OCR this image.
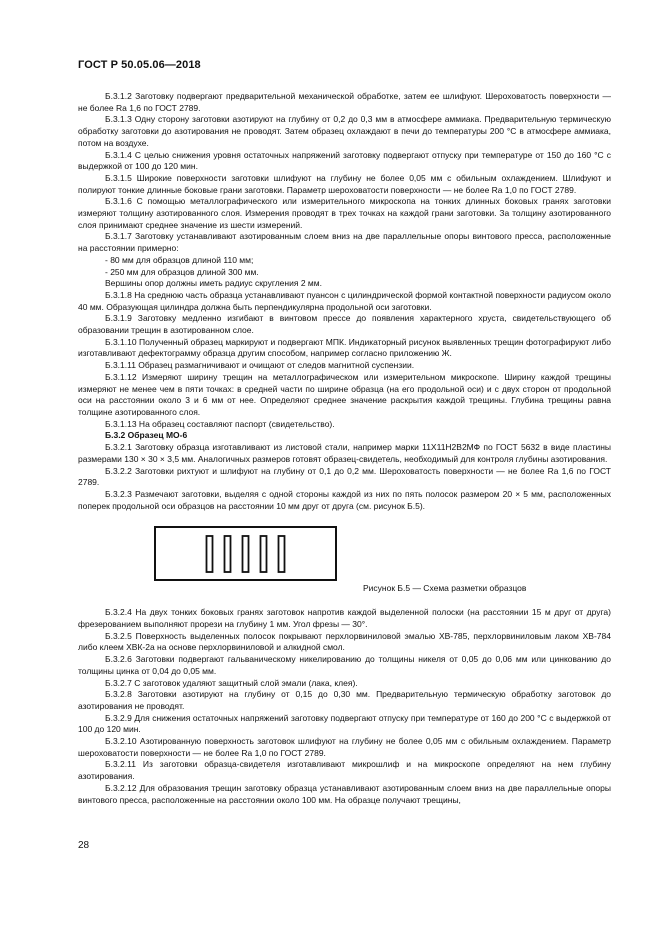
ГОСТ Р 50.05.06—2018

Б.3.1.2 Заготовку подвергают предварительной механической обработке, затем ее шлифуют. Шероховатость поверхности — не более Ra 1,6 по ГОСТ 2789.

Б.3.1.3 Одну сторону заготовки азотируют на глубину от 0,2 до 0,3 мм в атмосфере аммиака. Предварительную термическую обработку заготовки до азотирования не проводят. Затем образец охлаждают в печи до температуры 200 °С в атмосфере аммиака, потом на воздухе.

Б.3.1.4 С целью снижения уровня остаточных напряжений заготовку подвергают отпуску при температуре от 150 до 160 °С с выдержкой от 100 до 120 мин.

Б.3.1.5 Широкие поверхности заготовки шлифуют на глубину не более 0,05 мм с обильным охлаждением. Шлифуют и полируют тонкие длинные боковые грани заготовки. Параметр шероховатости поверхности — не более Ra 1,0 по ГОСТ 2789.

Б.3.1.6 С помощью металлографического или измерительного микроскопа на тонких длинных боковых гранях заготовки измеряют толщину азотированного слоя. Измерения проводят в трех точках на каждой грани заготовки. За толщину азотированного слоя принимают среднее значение из шести измерений.

Б.3.1.7 Заготовку устанавливают азотированным слоем вниз на две параллельные опоры винтового пресса, расположенные на расстоянии примерно:

- 80 мм для образцов длиной 110 мм;

- 250 мм для образцов длиной 300 мм.

Вершины опор должны иметь радиус скругления 2 мм.

Б.3.1.8 На среднюю часть образца устанавливают пуансон с цилиндрической формой контактной поверхности радиусом около 40 мм. Образующая цилиндра должна быть перпендикулярна продольной оси заготовки.

Б.3.1.9 Заготовку медленно изгибают в винтовом прессе до появления характерного хруста, свидетельствующего об образовании трещин в азотированном слое.

Б.3.1.10 Полученный образец маркируют и подвергают МПК. Индикаторный рисунок выявленных трещин фотографируют либо изготавливают дефектограмму образца другим способом, например согласно приложению Ж.

Б.3.1.11 Образец размагничивают и очищают от следов магнитной суспензии.

Б.3.1.12 Измеряют ширину трещин на металлографическом или измерительном микроскопе. Ширину каждой трещины измеряют не менее чем в пяти точках: в средней части по ширине образца (на его продольной оси) и с двух сторон от продольной оси на расстоянии около 3 и 6 мм от нее. Определяют среднее значение раскрытия каждой трещины. Глубина трещины равна толщине азотированного слоя.

Б.3.1.13 На образец составляют паспорт (свидетельство).

Б.3.2 Образец МО-6

Б.3.2.1 Заготовку образца изготавливают из листовой стали, например марки 11Х11Н2В2МФ по ГОСТ 5632 в виде пластины размерами 130 × 30 × 3,5 мм. Аналогичных размеров готовят образец-свидетель, необходимый для контроля глубины азотирования.

Б.3.2.2 Заготовки рихтуют и шлифуют на глубину от 0,1 до 0,2 мм. Шероховатость поверхности — не более Ra 1,6 по ГОСТ 2789.

Б.3.2.3 Размечают заготовки, выделяя с одной стороны каждой из них по пять полосок размером 20 × 5 мм, расположенных поперек продольной оси образцов на расстоянии 10 мм друг от друга (см. рисунок Б.5).

Рисунок Б.5 — Схема разметки образцов

Б.3.2.4 На двух тонких боковых гранях заготовок напротив каждой выделенной полоски (на расстоянии 15 м друг от друга) фрезерованием выполняют прорези на глубину 1 мм. Угол фрезы — 30°.

Б.3.2.5 Поверхность выделенных полосок покрывают перхлорвиниловой эмалью ХВ-785, перхлорвиниловым лаком ХВ-784 либо клеем ХВК-2а на основе перхлорвиниловой и алкидной смол.

Б.3.2.6 Заготовки подвергают гальваническому никелированию до толщины никеля от 0,05 до 0,06 мм или цинкованию до толщины цинка от 0,04 до 0,05 мм.

Б.3.2.7 С заготовок удаляют защитный слой эмали (лака, клея).

Б.3.2.8 Заготовки азотируют на глубину от 0,15 до 0,30 мм. Предварительную термическую обработку заготовок до азотирования не проводят.

Б.3.2.9 Для снижения остаточных напряжений заготовку подвергают отпуску при температуре от 160 до 200 °С с выдержкой от 100 до 120 мин.

Б.3.2.10 Азотированную поверхность заготовок шлифуют на глубину не более 0,05 мм с обильным охлаждением. Параметр шероховатости поверхности — не более Ra 1,0 по ГОСТ 2789.

Б.3.2.11 Из заготовки образца-свидетеля изготавливают микрошлиф и на микроскопе определяют на нем глубину азотирования.

Б.3.2.12 Для образования трещин заготовку образца устанавливают азотированным слоем вниз на две параллельные опоры винтового пресса, расположенные на расстоянии около 100 мм. На образце получают трещины,

28
